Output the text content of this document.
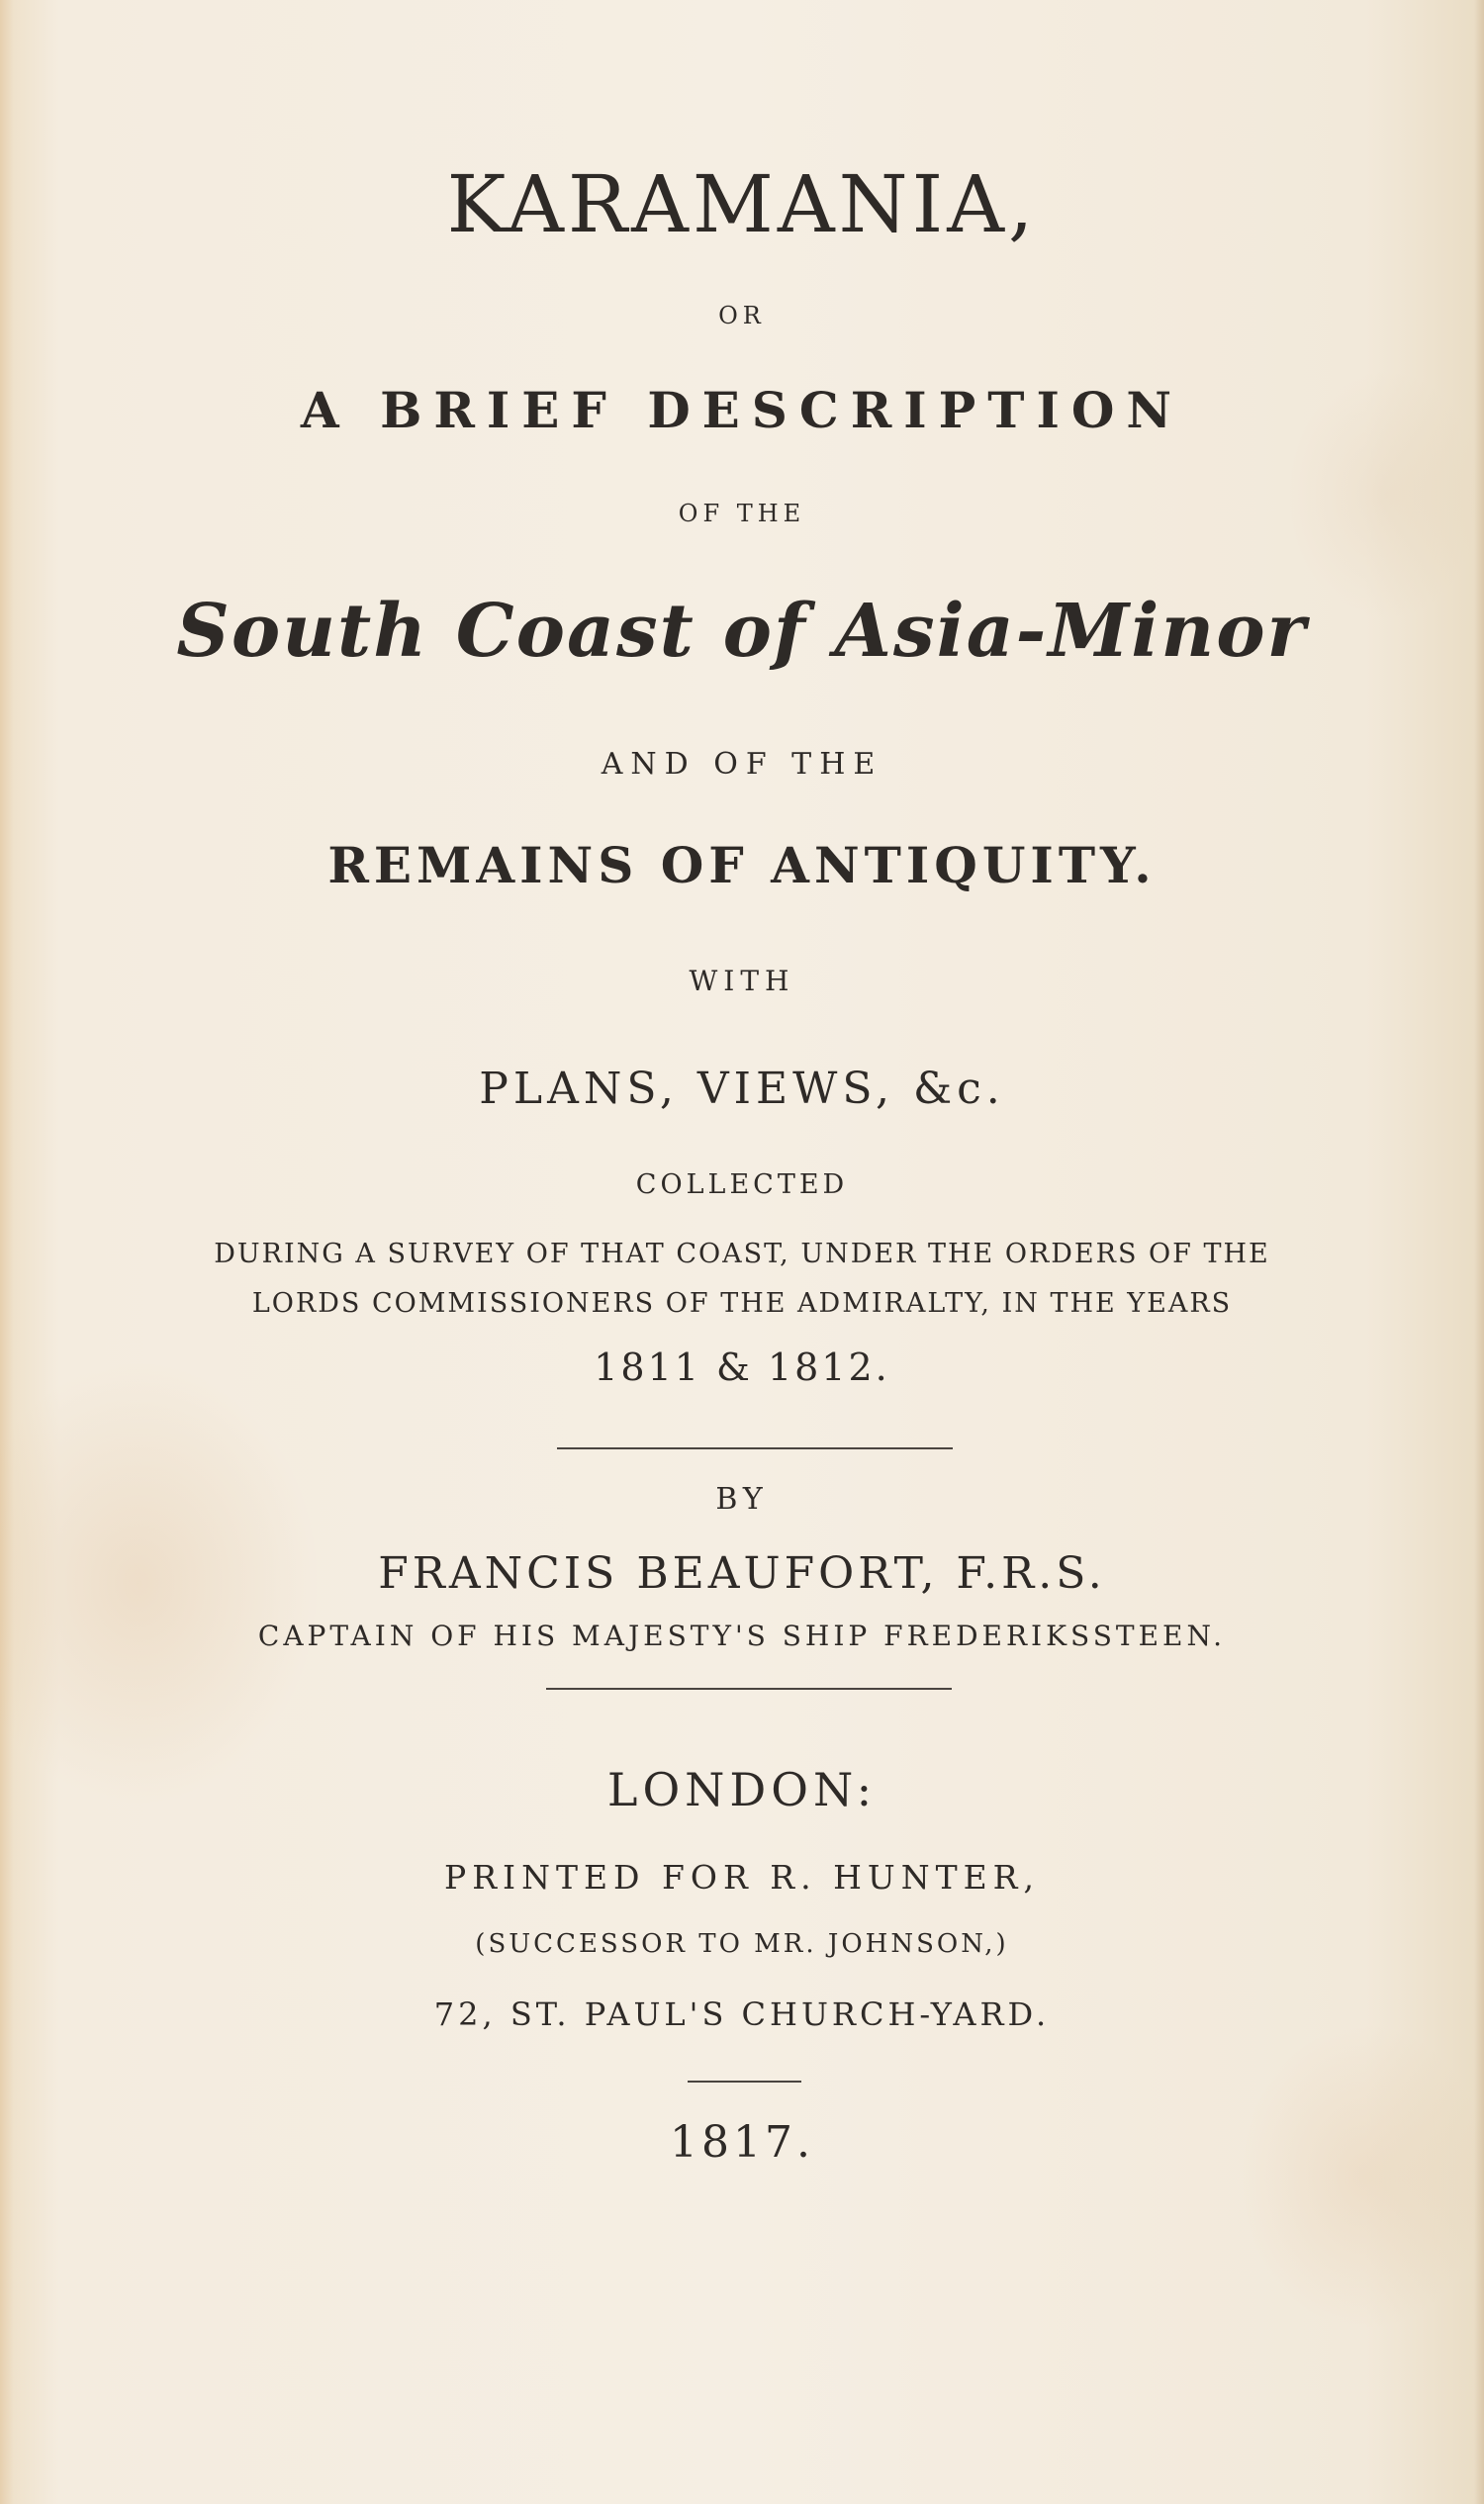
KARAMANIA,
OR
A BRIEF DESCRIPTION
OF THE
South Coast of Asia-Minor
AND OF THE
REMAINS OF ANTIQUITY.
WITH
PLANS, VIEWS, &c.
COLLECTED
DURING A SURVEY OF THAT COAST, UNDER THE ORDERS OF THE
LORDS COMMISSIONERS OF THE ADMIRALTY, IN THE YEARS
1811 & 1812.
BY
FRANCIS BEAUFORT, F.R.S.
CAPTAIN OF HIS MAJESTY'S SHIP FREDERIKSSTEEN.
LONDON:
PRINTED FOR R. HUNTER,
(SUCCESSOR TO MR. JOHNSON,)
72, ST. PAUL'S CHURCH-YARD.
1817.
